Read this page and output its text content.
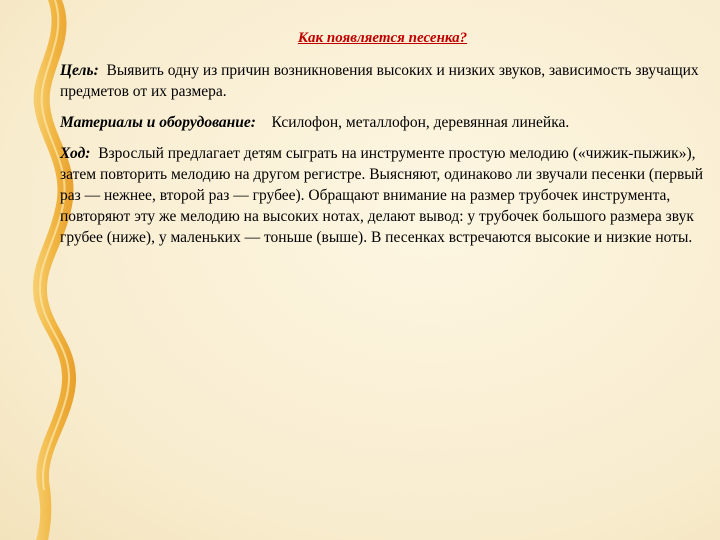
Как появляется песенка?

Цель: Выявить одну из причин возникновения высоких и низких звуков, зависимость звучащих предметов от их размера.

Материалы и оборудование: Ксилофон, металлофон, деревянная линейка.

Ход: Взрослый предлагает детям сыграть на инструменте простую мелодию («чижик-пыжик»), затем повторить мелодию на другом регистре. Выясняют, одинаково ли звучали песенки (первый раз — нежнее, второй раз — грубее). Обращают внимание на размер трубочек инструмента, повторяют эту же мелодию на высоких нотах, делают вывод: у трубочек большого размера звук грубее (ниже), у маленьких — тоньше (выше). В песенках встречаются высокие и низкие ноты.
